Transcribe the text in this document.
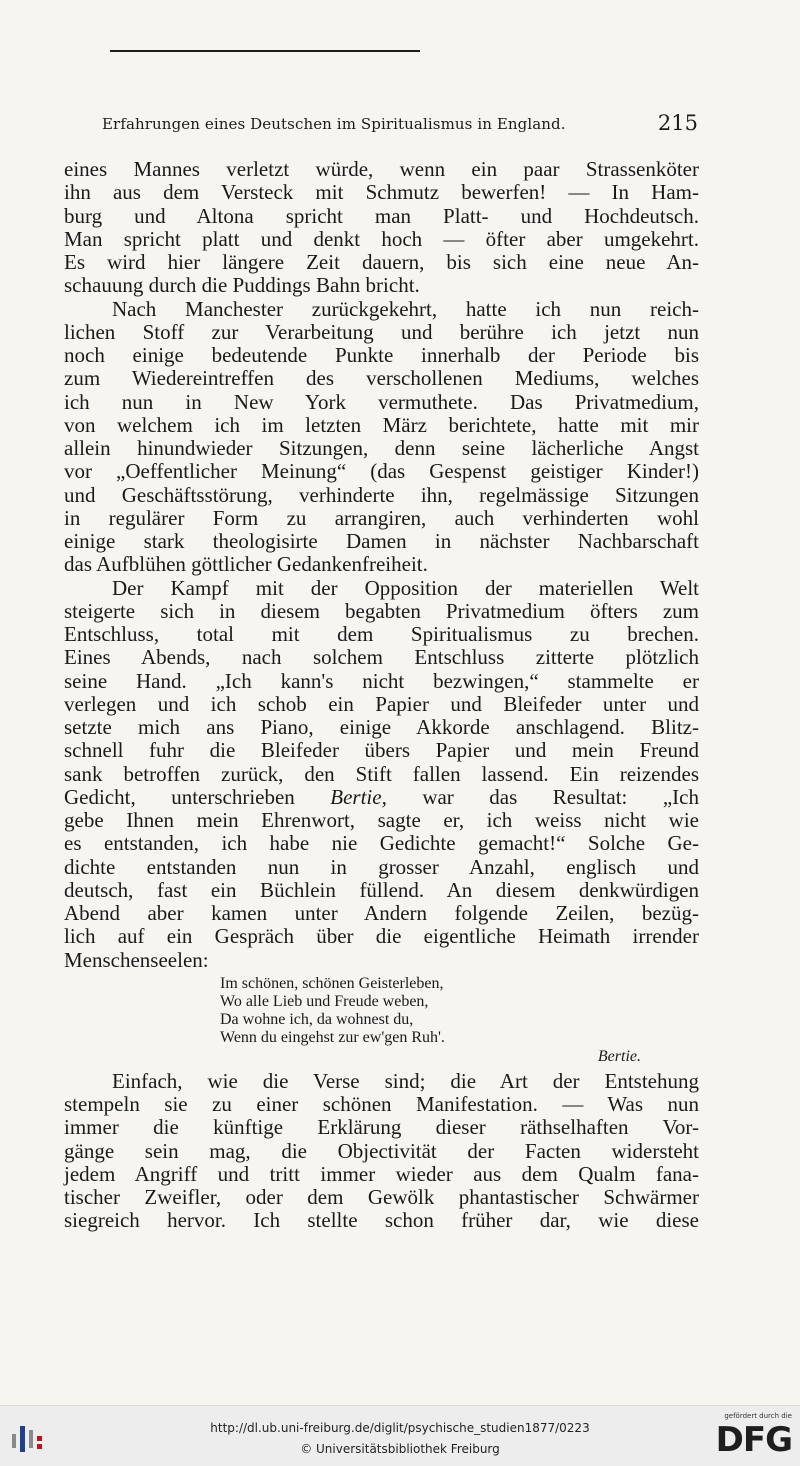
Erfahrungen eines Deutschen im Spiritualismus in England.	215
eines Mannes verletzt würde, wenn ein paar Strassenköter
ihn aus dem Versteck mit Schmutz bewerfen! — In Ham-
burg und Altona spricht man Platt- und Hochdeutsch.
Man spricht platt und denkt hoch — öfter aber umgekehrt.
Es wird hier längere Zeit dauern, bis sich eine neue An-
schauung durch die Puddings Bahn bricht.
Nach Manchester zurückgekehrt, hatte ich nun reich-
lichen Stoff zur Verarbeitung und berühre ich jetzt nun
noch einige bedeutende Punkte innerhalb der Periode bis
zum Wiedereintreffen des verschollenen Mediums, welches
ich nun in New York vermuthete. Das Privatmedium,
von welchem ich im letzten März berichtete, hatte mit mir
allein hinundwieder Sitzungen, denn seine lächerliche Angst
vor „Oeffentlicher Meinung“ (das Gespenst geistiger Kinder!)
und Geschäftsstörung, verhinderte ihn, regelmässige Sitzungen
in regulärer Form zu arrangiren, auch verhinderten wohl
einige stark theologisirte Damen in nächster Nachbarschaft
das Aufblühen göttlicher Gedankenfreiheit.
Der Kampf mit der Opposition der materiellen Welt
steigerte sich in diesem begabten Privatmedium öfters zum
Entschluss, total mit dem Spiritualismus zu brechen.
Eines Abends, nach solchem Entschluss zitterte plötzlich
seine Hand. „Ich kann's nicht bezwingen,“ stammelte er
verlegen und ich schob ein Papier und Bleifeder unter und
setzte mich ans Piano, einige Akkorde anschlagend. Blitz-
schnell fuhr die Bleifeder übers Papier und mein Freund
sank betroffen zurück, den Stift fallen lassend. Ein reizendes
Gedicht, unterschrieben Bertie, war das Resultat: „Ich
gebe Ihnen mein Ehrenwort, sagte er, ich weiss nicht wie
es entstanden, ich habe nie Gedichte gemacht!“ Solche Ge-
dichte entstanden nun in grosser Anzahl, englisch und
deutsch, fast ein Büchlein füllend. An diesem denkwürdigen
Abend aber kamen unter Andern folgende Zeilen, bezüg-
lich auf ein Gespräch über die eigentliche Heimath irrender
Menschenseelen:
Im schönen, schönen Geisterleben,
Wo alle Lieb und Freude weben,
Da wohne ich, da wohnest du,
Wenn du eingehst zur ew'gen Ruh'.
Bertie.
Einfach, wie die Verse sind; die Art der Entstehung
stempeln sie zu einer schönen Manifestation. — Was nun
immer die künftige Erklärung dieser räthselhaften Vor-
gänge sein mag, die Objectivität der Facten widersteht
jedem Angriff und tritt immer wieder aus dem Qualm fana-
tischer Zweifler, oder dem Gewölk phantastischer Schwärmer
siegreich hervor. Ich stellte schon früher dar, wie diese
http://dl.ub.uni-freiburg.de/diglit/psychische_studien1877/0223
© Universitätsbibliothek Freiburg
gefördert durch die
DFG
